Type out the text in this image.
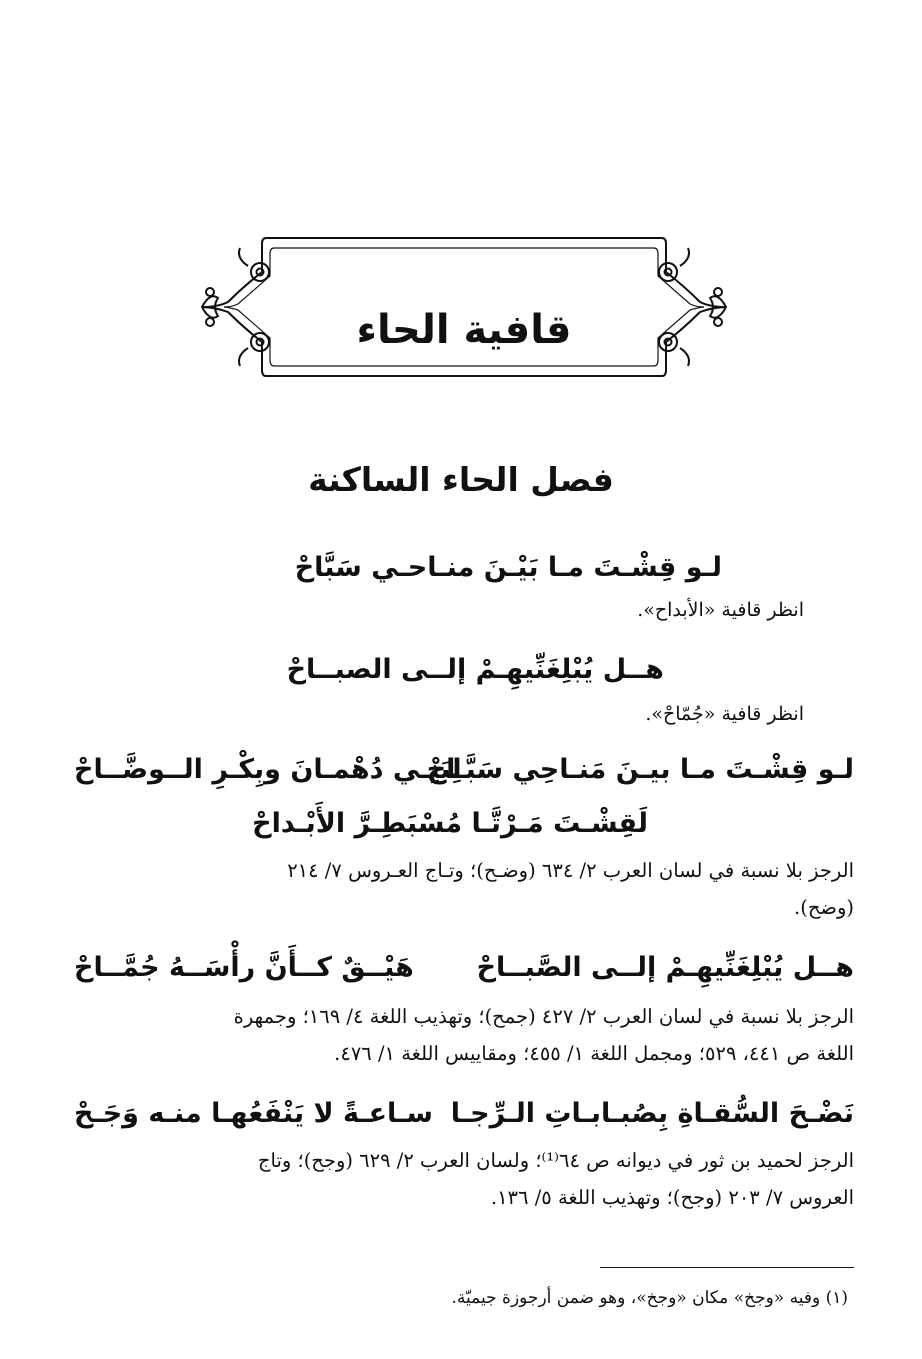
قافية الحاء
فصل الحاء الساكنة
لـو قِشْـتَ مـا بَيْـنَ منـاحـي سَبَّاحْ
انظر قافية «الأبداح».
هــل يُبْلِغَنِّيهِـمْ إلــى الصبــاحْ
انظر قافية «جُمّاحْ».
لـو قِشْـتَ مـا بيـنَ مَنـاحِي سَبَّـاحْ
لِبَنِـي دُهْمـانَ وبِكْـرِ الــوضَّــاحْ
لَقِشْـتَ مَـرْتَّـا مُسْبَطِـرَّ الأَبْـداحْ
الرجز بلا نسبة في لسان العرب ٢/ ٦٣٤ (وضـح)؛ وتـاج العـروس ٧/ ٢١٤
(وضح).
هــل يُبْلِغَنِّيهِـمْ إلــى الصَّبــاحْ
هَيْــقٌ كــأَنَّ رأْسَــهُ جُمَّــاحْ
الرجز بلا نسبة في لسان العرب ٢/ ٤٢٧ (جمح)؛ وتهذيب اللغة ٤/ ١٦٩؛ وجمهرة
اللغة ص ٤٤١، ٥٢٩؛ ومجمل اللغة ١/ ٤٥٥؛ ومقاييس اللغة ١/ ٤٧٦.
نَضْـحَ السُّقـاةِ بِصُبـابـاتِ الـرِّجـا
سـاعـةً لا يَنْفَعُهـا منـه وَجَـحْ
الرجز لحميد بن ثور في ديوانه ص ٦٤⁽¹⁾؛ ولسان العرب ٢/ ٦٢٩ (وجح)؛ وتاج
العروس ٧/ ٢٠٣ (وجح)؛ وتهذيب اللغة ٥/ ١٣٦.
(١) وفيه «وجخ» مكان «وجخ»، وهو ضمن أرجوزة جيميّة.
